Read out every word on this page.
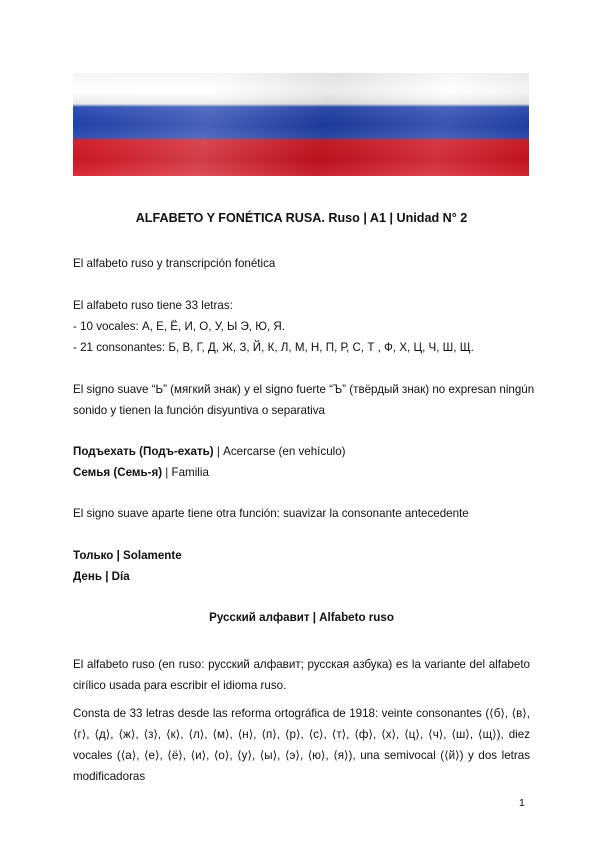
ALFABETO Y FONÉTICA RUSA. Ruso | A1 | Unidad N° 2
El alfabeto ruso y transcripción fonética
El alfabeto ruso tiene 33 letras:
- 10 vocales: А, Е, Ё, И, О, У, Ы Э, Ю, Я.
- 21 consonantes: Б, В, Г, Д, Ж, З, Й, К, Л, М, Н, П, Р, С, Т , Ф, Х, Ц, Ч, Ш, Щ.
El signo suave “Ь” (мягкий знак) y el signo fuerte “Ъ” (твёрдый знак) no expresan ningún
sonido y tienen la función disyuntiva o separativa
Подъехать (Подъ-ехать) | Acercarse (en vehículo)
Семья (Семь-я) | Familia
El signo suave aparte tiene otra función: suavizar la consonante antecedente
Только | Solamente
День | Día
Русский алфавит | Alfabeto ruso
El alfabeto ruso (en ruso: русский алфавит; русская азбука) es la variante del alfabeto cirílico usada para escribir el idioma ruso.
Consta de 33 letras desde las reforma ortográfica de 1918: veinte consonantes (⟨б⟩, ⟨в⟩, ⟨г⟩, ⟨д⟩, ⟨ж⟩, ⟨з⟩, ⟨к⟩, ⟨л⟩, ⟨м⟩, ⟨н⟩, ⟨п⟩, ⟨р⟩, ⟨с⟩, ⟨т⟩, ⟨ф⟩, ⟨х⟩, ⟨ц⟩, ⟨ч⟩, ⟨ш⟩, ⟨щ⟩), diez vocales (⟨а⟩, ⟨е⟩, ⟨ё⟩, ⟨и⟩, ⟨о⟩, ⟨у⟩, ⟨ы⟩, ⟨э⟩, ⟨ю⟩, ⟨я⟩), una semivocal (⟨й⟩) y dos letras modificadoras
1
